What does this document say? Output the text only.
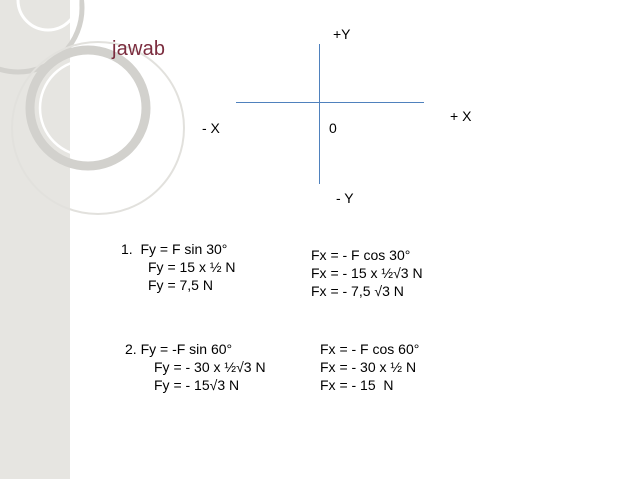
jawab
+Y
+ X
- X	0
- Y
1.  Fy = F sin 30°
Fy = 15 x ½ N
Fy = 7,5 N
Fx = - F cos 30°
Fx = - 15 x ½√3 N
Fx = - 7,5 √3 N
2. Fy = -F sin 60°
Fy = - 30 x ½√3 N
Fy = - 15√3 N
Fx = - F cos 60°
Fx = - 30 x ½ N
Fx = - 15  N
